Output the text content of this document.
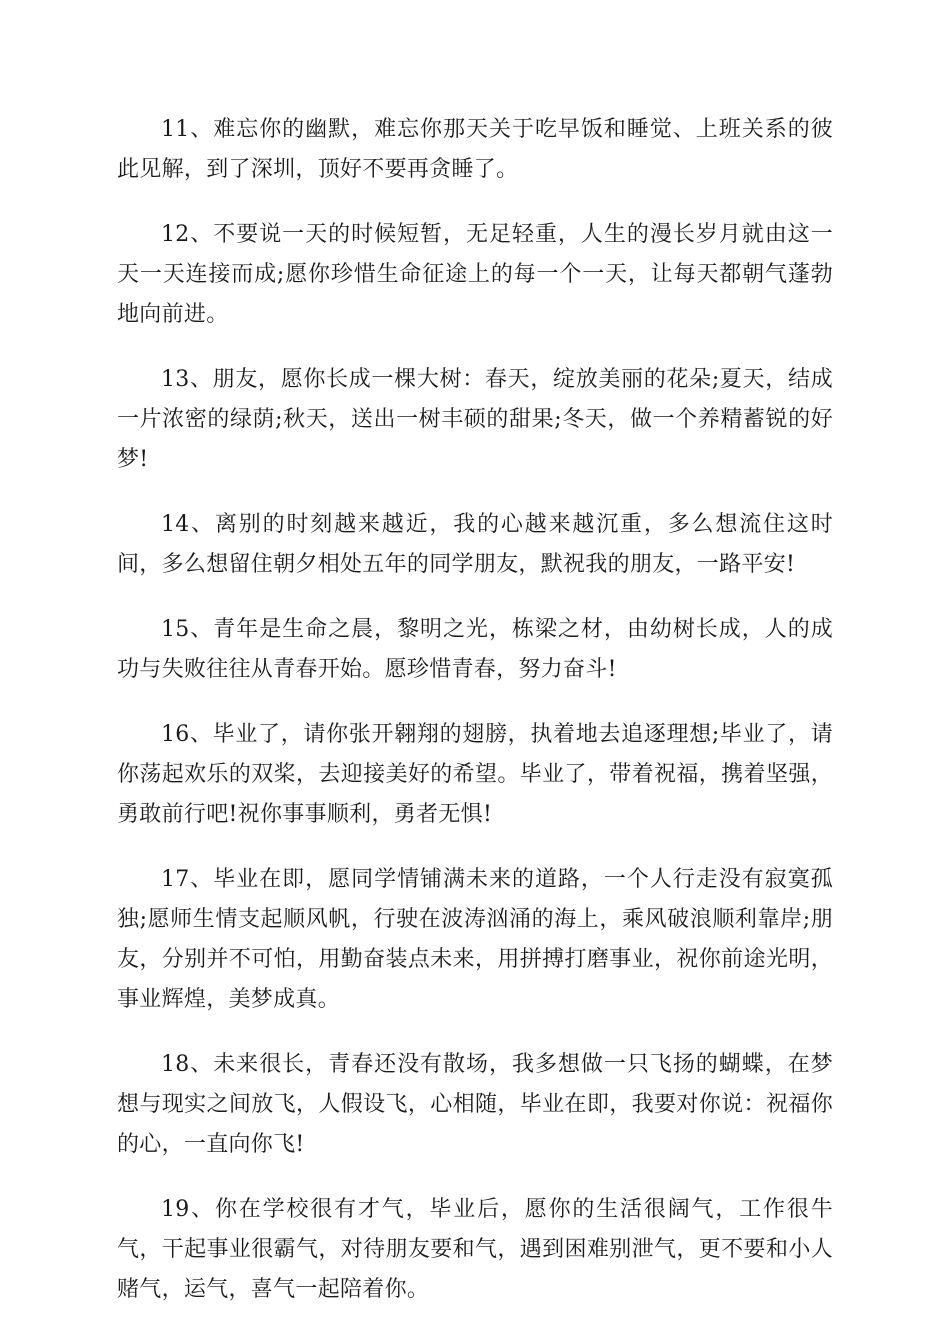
11、难忘你的幽默，难忘你那天关于吃早饭和睡觉、上班关系的彼此见解，到了深圳，顶好不要再贪睡了。

12、不要说一天的时候短暂，无足轻重，人生的漫长岁月就由这一天一天连接而成;愿你珍惜生命征途上的每一个一天，让每天都朝气蓬勃地向前进。

13、朋友，愿你长成一棵大树：春天，绽放美丽的花朵;夏天，结成一片浓密的绿荫;秋天，送出一树丰硕的甜果;冬天，做一个养精蓄锐的好梦!

14、离别的时刻越来越近，我的心越来越沉重，多么想流住这时间，多么想留住朝夕相处五年的同学朋友，默祝我的朋友，一路平安!

15、青年是生命之晨，黎明之光，栋梁之材，由幼树长成，人的成功与失败往往从青春开始。愿珍惜青春，努力奋斗!

16、毕业了，请你张开翱翔的翅膀，执着地去追逐理想;毕业了，请你荡起欢乐的双桨，去迎接美好的希望。毕业了，带着祝福，携着坚强，勇敢前行吧!祝你事事顺利，勇者无惧!

17、毕业在即，愿同学情铺满未来的道路，一个人行走没有寂寞孤独;愿师生情支起顺风帆，行驶在波涛汹涌的海上，乘风破浪顺利靠岸;朋友，分别并不可怕，用勤奋装点未来，用拼搏打磨事业，祝你前途光明，事业辉煌，美梦成真。

18、未来很长，青春还没有散场，我多想做一只飞扬的蝴蝶，在梦想与现实之间放飞，人假设飞，心相随，毕业在即，我要对你说：祝福你的心，一直向你飞!

19、你在学校很有才气，毕业后，愿你的生活很阔气，工作很牛气，干起事业很霸气，对待朋友要和气，遇到困难别泄气，更不要和小人赌气，运气，喜气一起陪着你。
